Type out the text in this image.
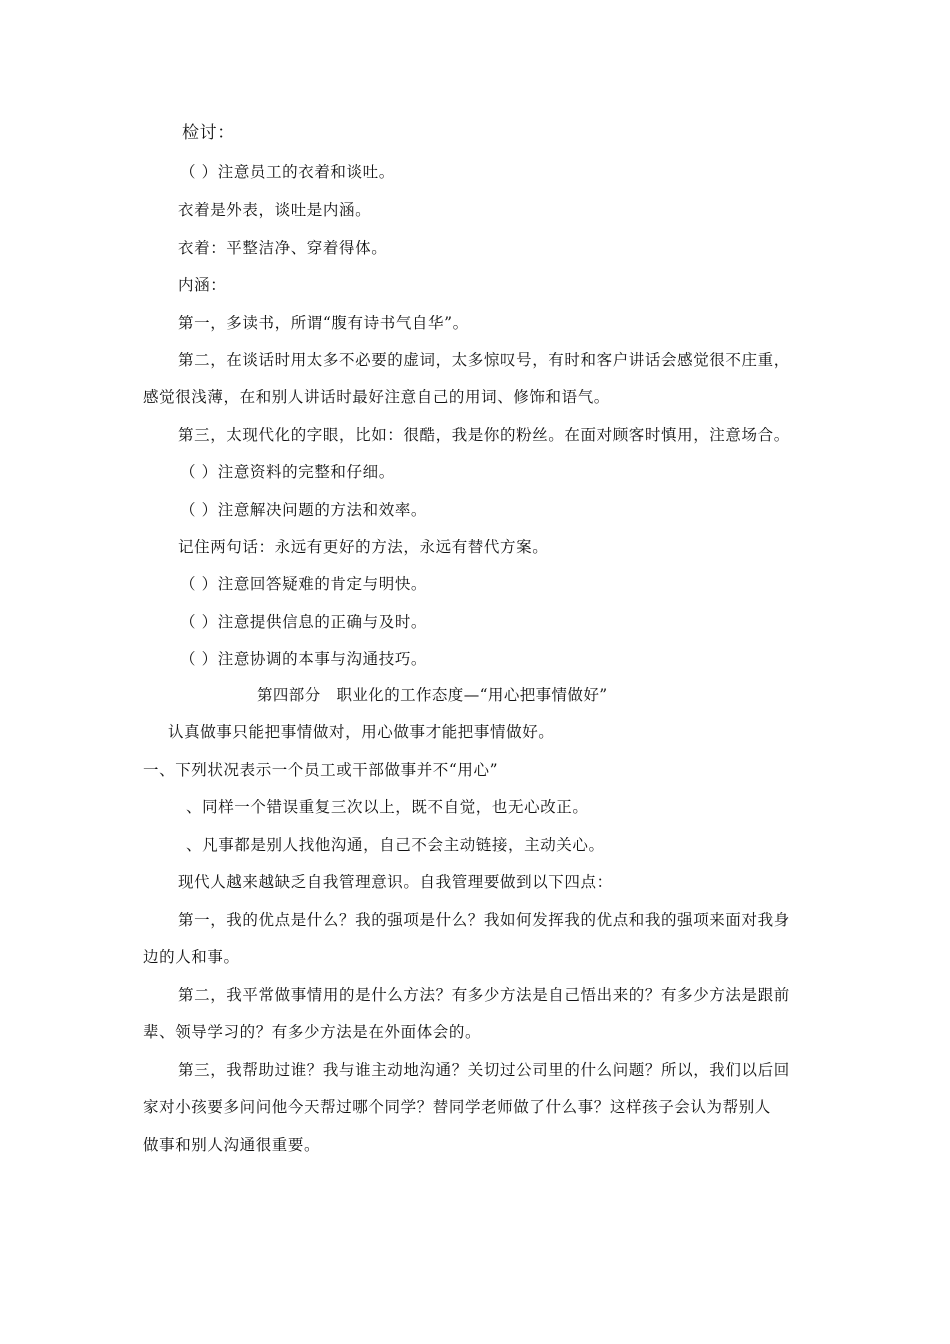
检讨：
（ ）注意员工的衣着和谈吐。
衣着是外表，谈吐是内涵。
衣着：平整洁净、穿着得体。
内涵：
第一，多读书，所谓“腹有诗书气自华”。
第二，在谈话时用太多不必要的虚词，太多惊叹号，有时和客户讲话会感觉很不庄重，
感觉很浅薄，在和别人讲话时最好注意自己的用词、修饰和语气。
第三，太现代化的字眼，比如：很酷，我是你的粉丝。在面对顾客时慎用，注意场合。
（ ）注意资料的完整和仔细。
（ ）注意解决问题的方法和效率。
记住两句话：永远有更好的方法，永远有替代方案。
（ ）注意回答疑难的肯定与明快。
（ ）注意提供信息的正确与及时。
（ ）注意协调的本事与沟通技巧。
第四部分　职业化的工作态度—“用心把事情做好”
认真做事只能把事情做对，用心做事才能把事情做好。
一、下列状况表示一个员工或干部做事并不“用心”
、同样一个错误重复三次以上，既不自觉，也无心改正。
、凡事都是别人找他沟通，自己不会主动链接，主动关心。
现代人越来越缺乏自我管理意识。自我管理要做到以下四点：
第一，我的优点是什么？我的强项是什么？我如何发挥我的优点和我的强项来面对我身
边的人和事。
第二，我平常做事情用的是什么方法？有多少方法是自己悟出来的？有多少方法是跟前
辈、领导学习的？有多少方法是在外面体会的。
第三，我帮助过谁？我与谁主动地沟通？关切过公司里的什么问题？所以，我们以后回
家对小孩要多问问他今天帮过哪个同学？替同学老师做了什么事？这样孩子会认为帮别人
做事和别人沟通很重要。
